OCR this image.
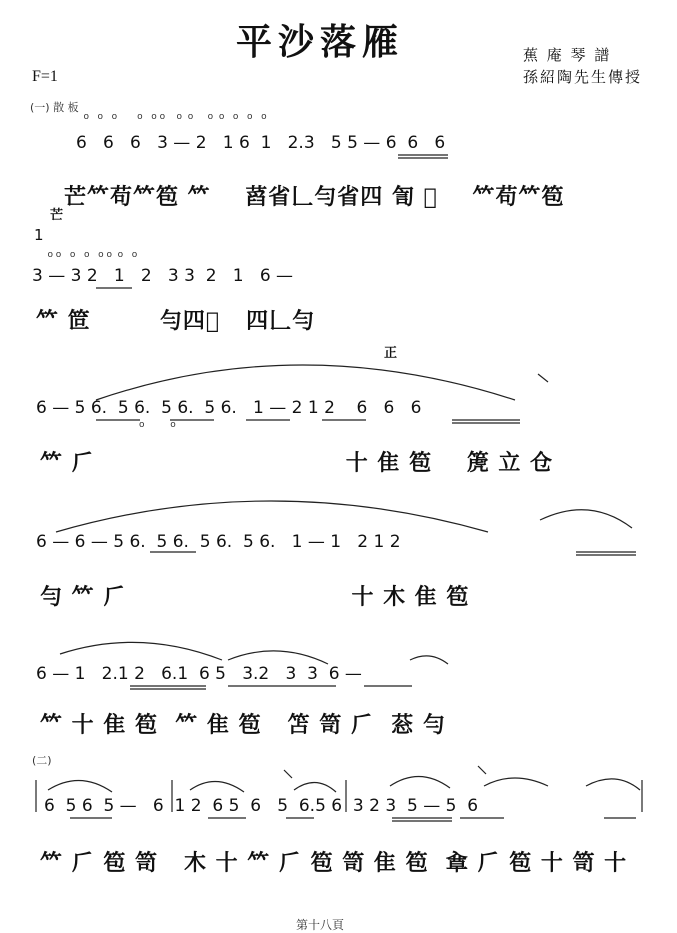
平沙落雁	蕉 庵 琴 譜
孫紹陶先生傳授
F=1
(一) 散 板
o   o   o       o   o o    o  o     o  o   o   o   o
6   6   6   3 — 2   1 6  1   2.3   5 5 — 6  6   6
芒
芒𥫗苟𥫗笣 𥫗    蓞省𠃊勻省四 訇 𥬀    𥫗苟𥫗笣
1
o o   o   o   o o  o   o
3 — 3 2   1   2   3 3  2   1   6 —
𥫗 笸        勻四𥬀   四𠃊勻
正
6 — 5 6.  5 6.  5 6.  5 6.   1 — 2 1 2    6   6   6
o         o
𥫗 𠂆                             ⼗ 隹 笣    箎 立 仓
6 — 6 — 5 6.  5 6.  5 6.  5 6.   1 — 1   2 1 2
勻 𥫗 𠂆                          ⼗ 木 隹 笣
6 — 1   2.1 2   6.1  6 5   3.2   3  3  6 —
𥫗 ⼗ 隹 笣  𥫗 隹 笣   笘 笥 𠂆  䓗 勻
(二)
6  5 6  5 —   6  1 2  6 5  6   5  6.5 6  3 2 3  5 — 5  6
𥫗 𠂆 笣 笥   木 ⼗ 𥫗 𠂆 笣 笥 隹 笣  䓥 𠂆 笣 ⼗ 笥 ⼗
第十八頁
